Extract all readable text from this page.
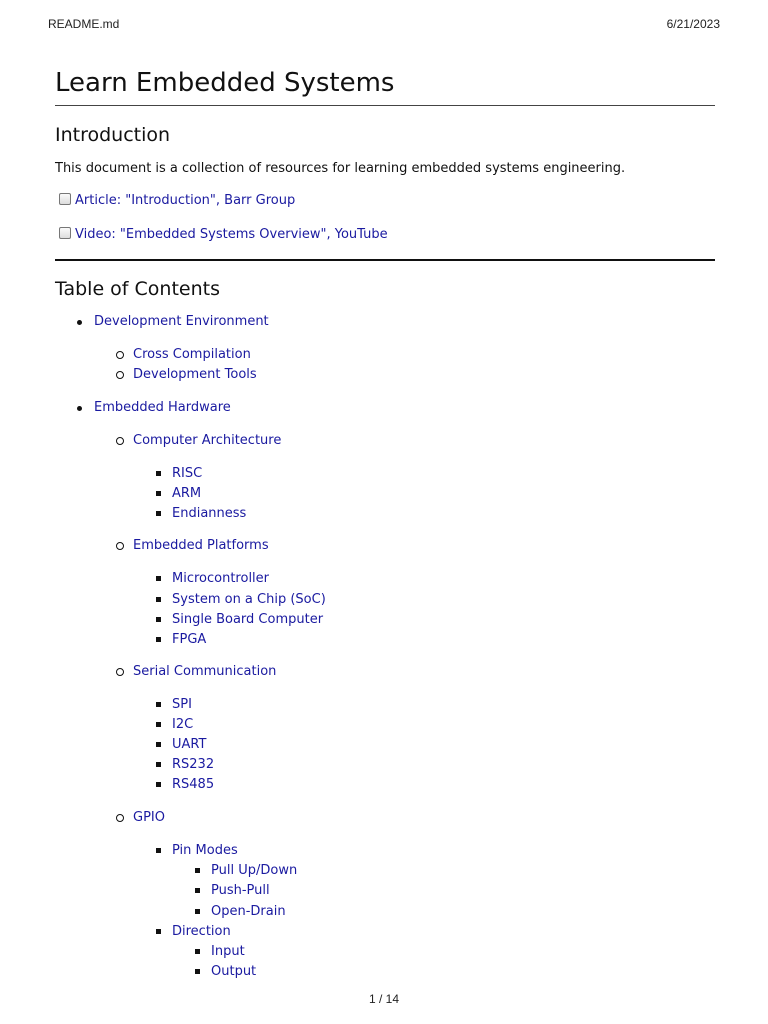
README.md	6/21/2023
Learn Embedded Systems
Introduction
This document is a collection of resources for learning embedded systems engineering.
Article: "Introduction", Barr Group
Video: "Embedded Systems Overview", YouTube
Table of Contents
Development Environment
Cross Compilation
Development Tools
Embedded Hardware
Computer Architecture
RISC
ARM
Endianness
Embedded Platforms
Microcontroller
System on a Chip (SoC)
Single Board Computer
FPGA
Serial Communication
SPI
I2C
UART
RS232
RS485
GPIO
Pin Modes
Pull Up/Down
Push-Pull
Open-Drain
Direction
Input
Output
1 / 14
